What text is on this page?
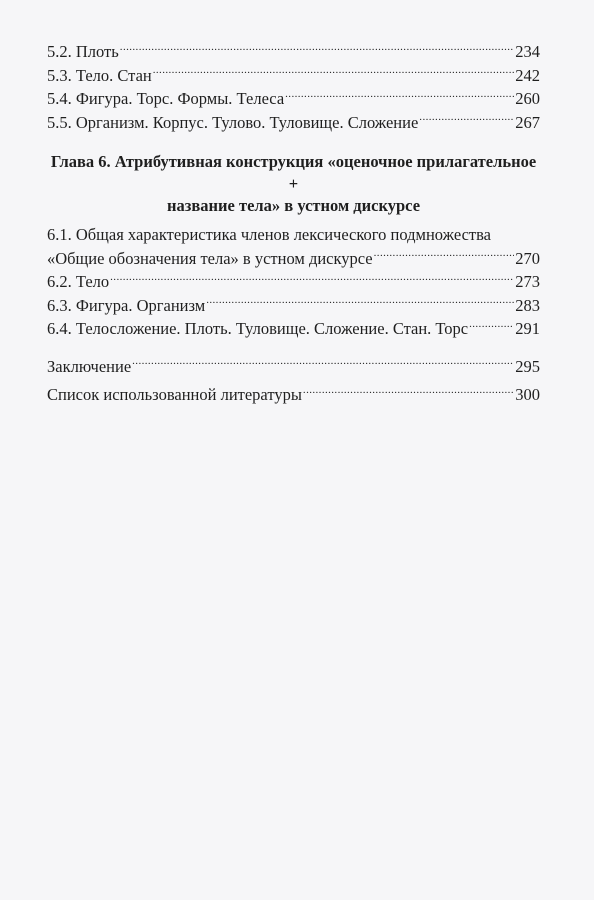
5.2. Плоть .....	234
5.3. Тело. Стан .....	242
5.4. Фигура. Торс. Формы. Телеса .....	260
5.5. Организм. Корпус. Тулово. Туловище. Сложение .....	267
Глава 6. Атрибутивная конструкция «оценочное прилагательное +
название тела» в устном дискурсе
6.1. Общая характеристика членов лексического подмножества
«Общие обозначения тела» в устном дискурсе .....	270
6.2. Тело .....	273
6.3. Фигура. Организм .....	283
6.4. Телосложение. Плоть. Туловище. Сложение. Стан. Торс .....	291
Заключение .....	295
Список использованной литературы .....	300
